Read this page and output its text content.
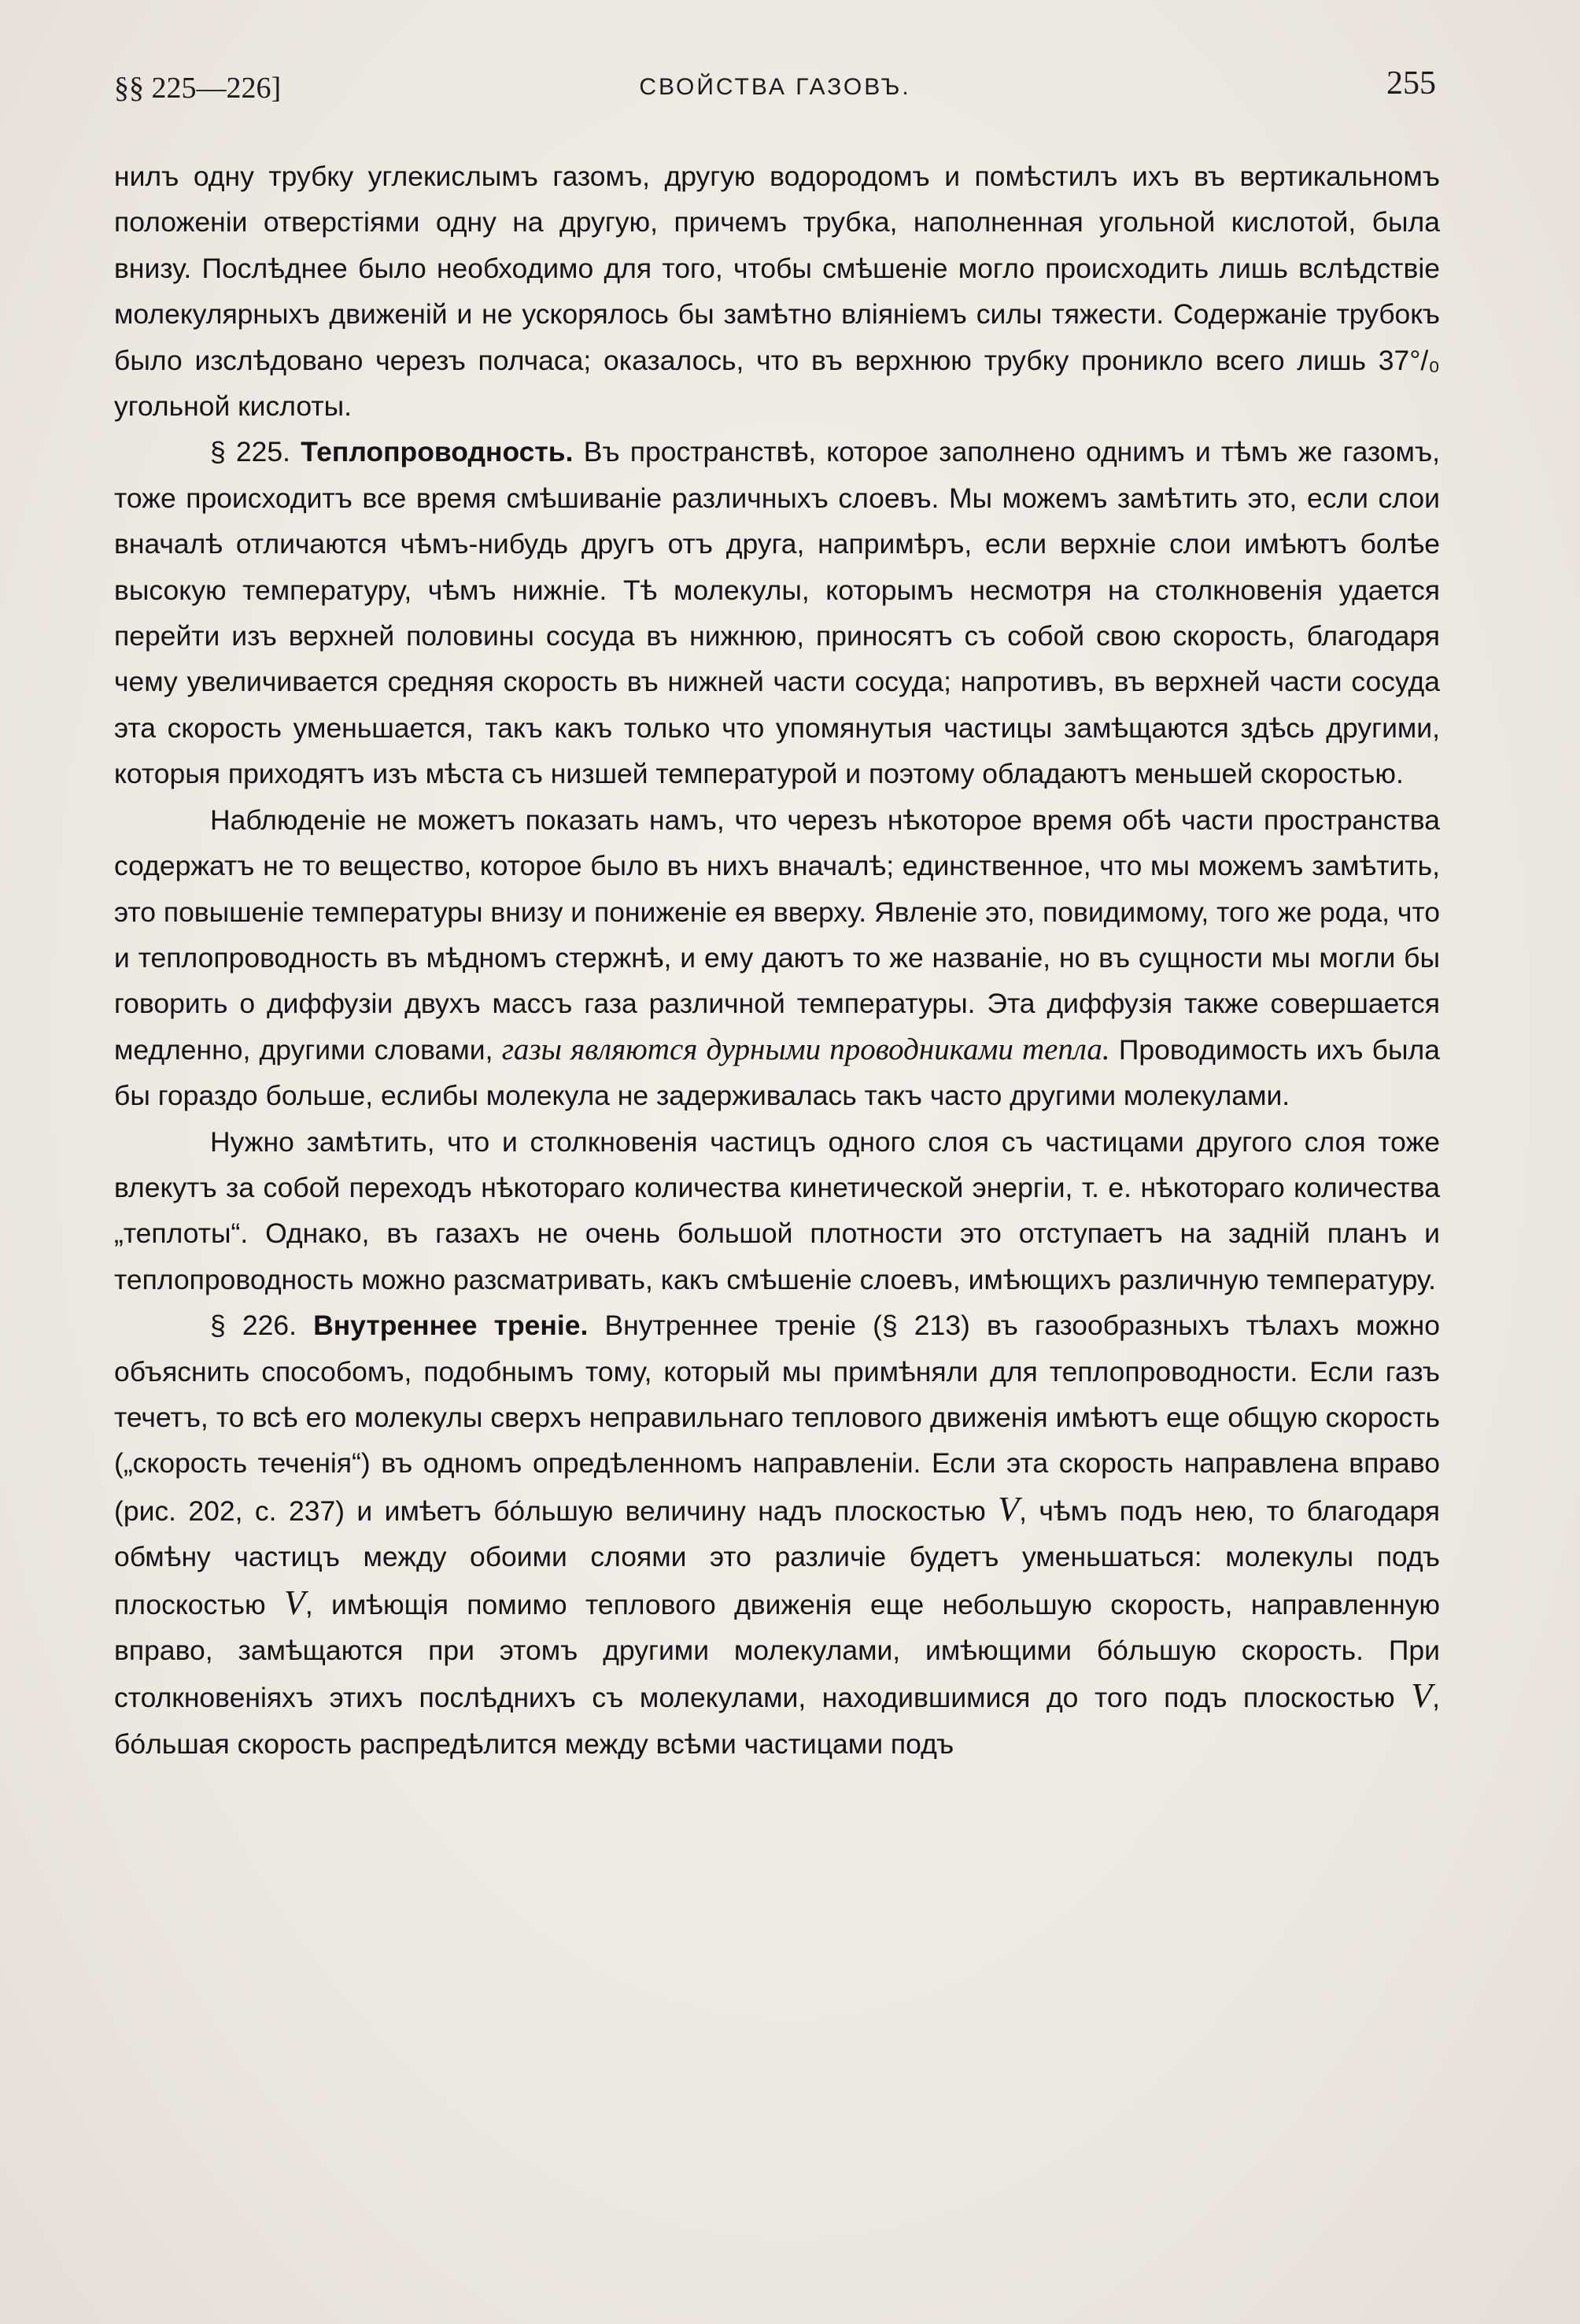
§§ 225—226]	СВОЙСТВА ГАЗОВЪ.	255

нилъ одну трубку углекислымъ газомъ, другую водородомъ и помѣстилъ ихъ въ вертикальномъ положенiи отверстiями одну на другую, причемъ трубка, наполненная угольной кислотой, была внизу. Послѣднее было необходимо для того, чтобы смѣшенiе могло происходить лишь вслѣдствiе молекулярныхъ движенiй и не ускорялось бы замѣтно влiянiемъ силы тяжести. Содержанiе трубокъ было изслѣдовано черезъ полчаса; оказалось, что въ верхнюю трубку проникло всего лишь 37°/₀ угольной кислоты.

§ 225. Теплопроводность. Въ пространствѣ, которое заполнено однимъ и тѣмъ же газомъ, тоже происходитъ все время смѣшиванiе различныхъ слоевъ. Мы можемъ замѣтить это, если слои вначалѣ отличаются чѣмъ-нибудь другъ отъ друга, напримѣръ, если верхнiе слои имѣютъ болѣе высокую температуру, чѣмъ нижнiе. Тѣ молекулы, которымъ несмотря на столкновенiя удается перейти изъ верхней половины сосуда въ нижнюю, приносятъ съ собой свою скорость, благодаря чему увеличивается средняя скорость въ нижней части сосуда; напротивъ, въ верхней части сосуда эта скорость уменьшается, такъ какъ только что упомянутыя частицы замѣщаются здѣсь другими, которыя приходятъ изъ мѣста съ низшей температурой и поэтому обладаютъ меньшей скоростью.

Наблюденiе не можетъ показать намъ, что черезъ нѣкоторое время обѣ части пространства содержатъ не то вещество, которое было въ нихъ вначалѣ; единственное, что мы можемъ замѣтить, это повышенiе температуры внизу и пониженiе ея вверху. Явленiе это, повидимому, того же рода, что и теплопроводность въ мѣдномъ стержнѣ, и ему даютъ то же названiе, но въ сущности мы могли бы говорить о диффузiи двухъ массъ газа различной температуры. Эта диффузiя также совершается медленно, другими словами, газы являются дурными проводниками тепла. Проводимость ихъ была бы гораздо больше, еслибы молекула не задерживалась такъ часто другими молекулами.

Нужно замѣтить, что и столкновенiя частицъ одного слоя съ частицами другого слоя тоже влекутъ за собой переходъ нѣкотораго количества кинетической энергiи, т. е. нѣкотораго количества „теплоты“. Однако, въ газахъ не очень большой плотности это отступаетъ на заднiй планъ и теплопроводность можно разсматривать, какъ смѣшенiе слоевъ, имѣющихъ различную температуру.

§ 226. Внутреннее тренiе. Внутреннее тренiе (§ 213) въ газообразныхъ тѣлахъ можно объяснить способомъ, подобнымъ тому, который мы примѣняли для теплопроводности. Если газъ течетъ, то всѣ его молекулы сверхъ неправильнаго теплового движенiя имѣютъ еще общую скорость („скорость теченiя“) въ одномъ опредѣленномъ направленiи. Если эта скорость направлена вправо (рис. 202, с. 237) и имѣетъ бо́льшую величину надъ плоскостью V, чѣмъ подъ нею, то благодаря обмѣну частицъ между обоими слоями это различiе будетъ уменьшаться: молекулы подъ плоскостью V, имѣющiя помимо теплового движенiя еще небольшую скорость, направленную вправо, замѣщаются при этомъ другими молекулами, имѣющими бо́льшую скорость. При столкновенiяхъ этихъ послѣднихъ съ молекулами, находившимися до того подъ плоскостью V, бо́льшая скорость распредѣлится между всѣми частицами подъ
